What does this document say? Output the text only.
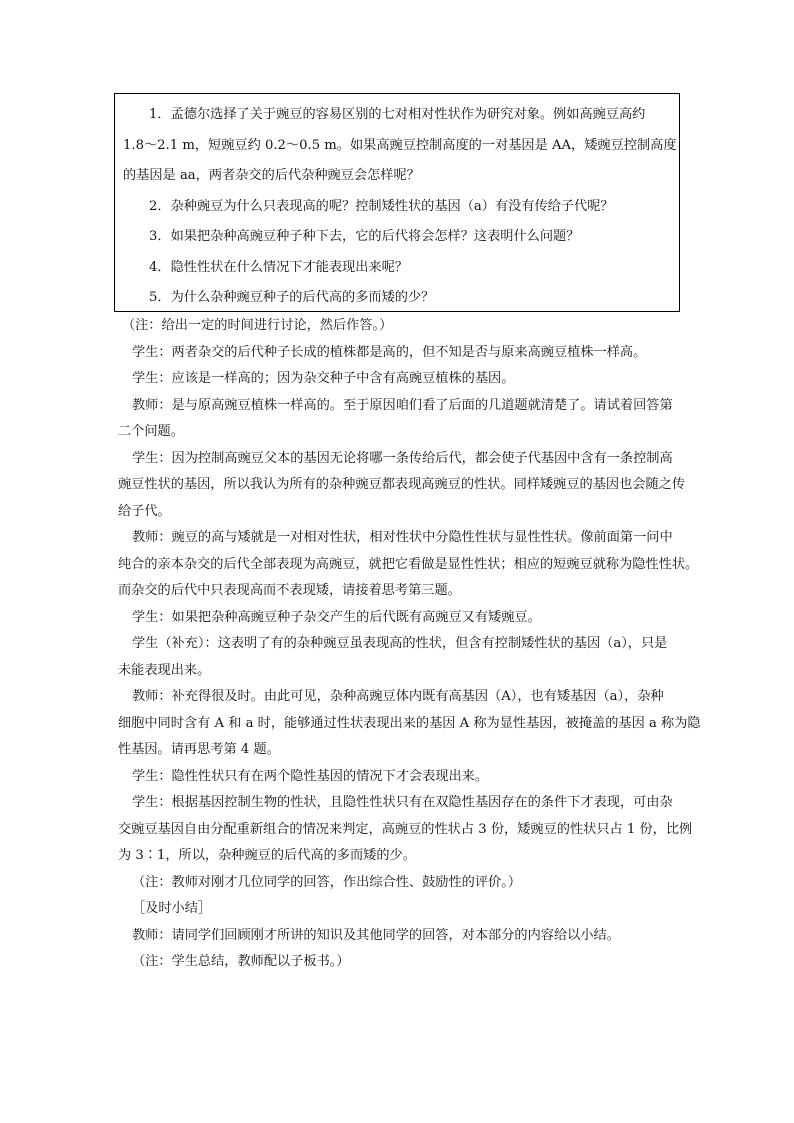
1．孟德尔选择了关于豌豆的容易区别的七对相对性状作为研究对象。例如高豌豆高约
1.8～2.1 m，短豌豆约 0.2～0.5 m。如果高豌豆控制高度的一对基因是 AA，矮豌豆控制高度
的基因是 aa，两者杂交的后代杂种豌豆会怎样呢？
2．杂种豌豆为什么只表现高的呢？控制矮性状的基因（a）有没有传给子代呢？
3．如果把杂种高豌豆种子种下去，它的后代将会怎样？这表明什么问题？
4．隐性性状在什么情况下才能表现出来呢？
5．为什么杂种豌豆种子的后代高的多而矮的少？
（注：给出一定的时间进行讨论，然后作答。）
学生：两者杂交的后代种子长成的植株都是高的，但不知是否与原来高豌豆植株一样高。
学生：应该是一样高的；因为杂交种子中含有高豌豆植株的基因。
教师：是与原高豌豆植株一样高的。至于原因咱们看了后面的几道题就清楚了。请试着回答第
二个问题。
学生：因为控制高豌豆父本的基因无论将哪一条传给后代，都会使子代基因中含有一条控制高
豌豆性状的基因，所以我认为所有的杂种豌豆都表现高豌豆的性状。同样矮豌豆的基因也会随之传
给子代。
教师：豌豆的高与矮就是一对相对性状，相对性状中分隐性性状与显性性状。像前面第一问中
纯合的亲本杂交的后代全部表现为高豌豆，就把它看做是显性性状；相应的短豌豆就称为隐性性状。
而杂交的后代中只表现高而不表现矮，请接着思考第三题。
学生：如果把杂种高豌豆种子杂交产生的后代既有高豌豆又有矮豌豆。
学生（补充）：这表明了有的杂种豌豆虽表现高的性状，但含有控制矮性状的基因（a），只是
未能表现出来。
教师：补充得很及时。由此可见，杂种高豌豆体内既有高基因（A），也有矮基因（a），杂种
细胞中同时含有 A 和 a 时，能够通过性状表现出来的基因 A 称为显性基因，被掩盖的基因 a 称为隐
性基因。请再思考第 4 题。
学生：隐性性状只有在两个隐性基因的情况下才会表现出来。
学生：根据基因控制生物的性状，且隐性性状只有在双隐性基因存在的条件下才表现，可由杂
交豌豆基因自由分配重新组合的情况来判定，高豌豆的性状占 3 份，矮豌豆的性状只占 1 份，比例
为 3∶1，所以，杂种豌豆的后代高的多而矮的少。
（注：教师对刚才几位同学的回答，作出综合性、鼓励性的评价。）
［及时小结］
教师：请同学们回顾刚才所讲的知识及其他同学的回答，对本部分的内容给以小结。
（注：学生总结，教师配以子板书。）
